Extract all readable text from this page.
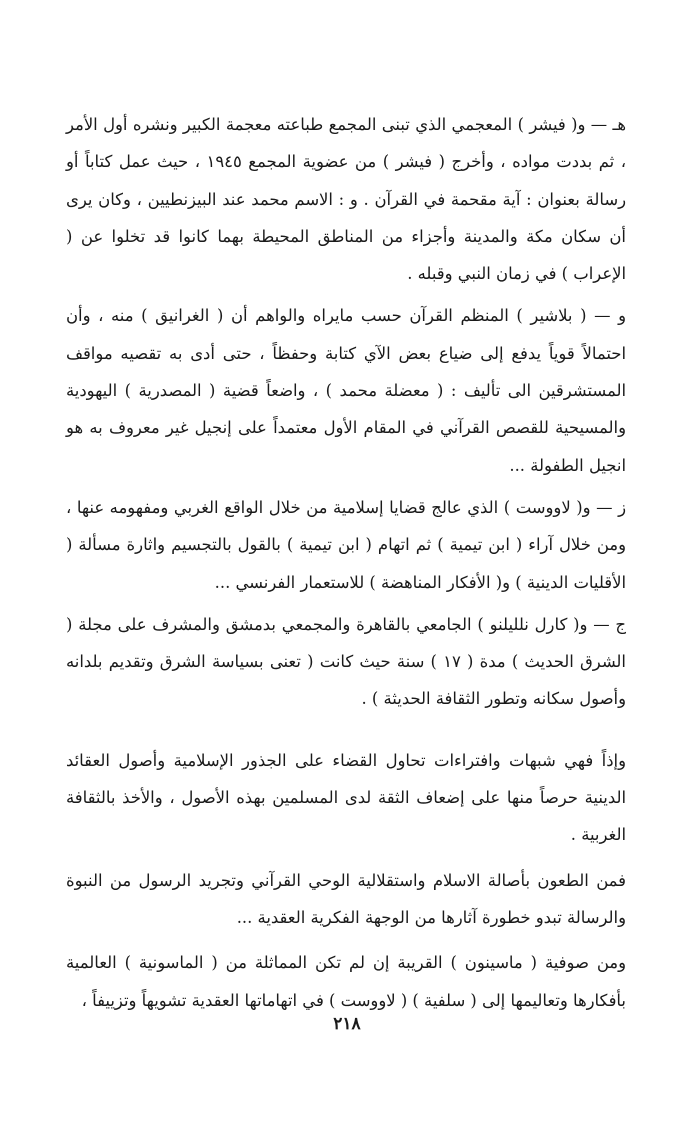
هـ — و( فيشر ) المعجمي الذي تبنى المجمع طباعته معجمة الكبير ونشره أول الأمر ، ثم بددت مواده ، وأخرج ( فيشر ) من عضوية المجمع ١٩٤٥ ، حيث عمل كتاباً أو رسالة بعنوان : آية مقحمة في القرآن . و : الاسم محمد عند البيزنطيين ، وكان يرى أن سكان مكة والمدينة وأجزاء من المناطق المحيطة بهما كانوا قد تخلوا عن ( الإعراب ) في زمان النبي وقبله .

و — ( بلاشير ) المنظم القرآن حسب مايراه والواهم أن ( الغرانيق ) منه ، وأن احتمالاً قوياً يدفع إلى ضياع بعض الآي كتابة وحفظاً ، حتى أدى به تقصيه مواقف المستشرقين الى تأليف : ( معضلة محمد ) ، واضعاً قضية ( المصدرية ) اليهودية والمسيحية للقصص القرآني في المقام الأول معتمداً على إنجيل غير معروف به هو انجيل الطفولة ...

ز — و( لاووست ) الذي عالج قضايا إسلامية من خلال الواقع الغربي ومفهومه عنها ، ومن خلال آراء ( ابن تيمية ) ثم اتهام ( ابن تيمية ) بالقول بالتجسيم واثارة مسألة ( الأقليات الدينية ) و( الأفكار المناهضة ) للاستعمار الفرنسي ...

ج — و( كارل نلليلنو ) الجامعي بالقاهرة والمجمعي بدمشق والمشرف على مجلة ( الشرق الحديث ) مدة ( ١٧ ) سنة حيث كانت ( تعنى بسياسة الشرق وتقديم بلدانه وأصول سكانه وتطور الثقافة الحديثة ) .

وإذاً فهي شبهات وافتراءات تحاول القضاء على الجذور الإسلامية وأصول العقائد الدينية حرصاً منها على إضعاف الثقة لدى المسلمين بهذه الأصول ، والأخذ بالثقافة الغربية .

فمن الطعون بأصالة الاسلام واستقلالية الوحي القرآني وتجريد الرسول من النبوة والرسالة تبدو خطورة آثارها من الوجهة الفكرية العقدية ...

ومن صوفية ( ماسينون ) القريبة إن لم تكن المماثلة من ( الماسونية ) العالمية بأفكارها وتعاليمها إلى ( سلفية ) ( لاووست ) في اتهاماتها العقدية تشويهاً وتزييفاً ،

٢١٨
